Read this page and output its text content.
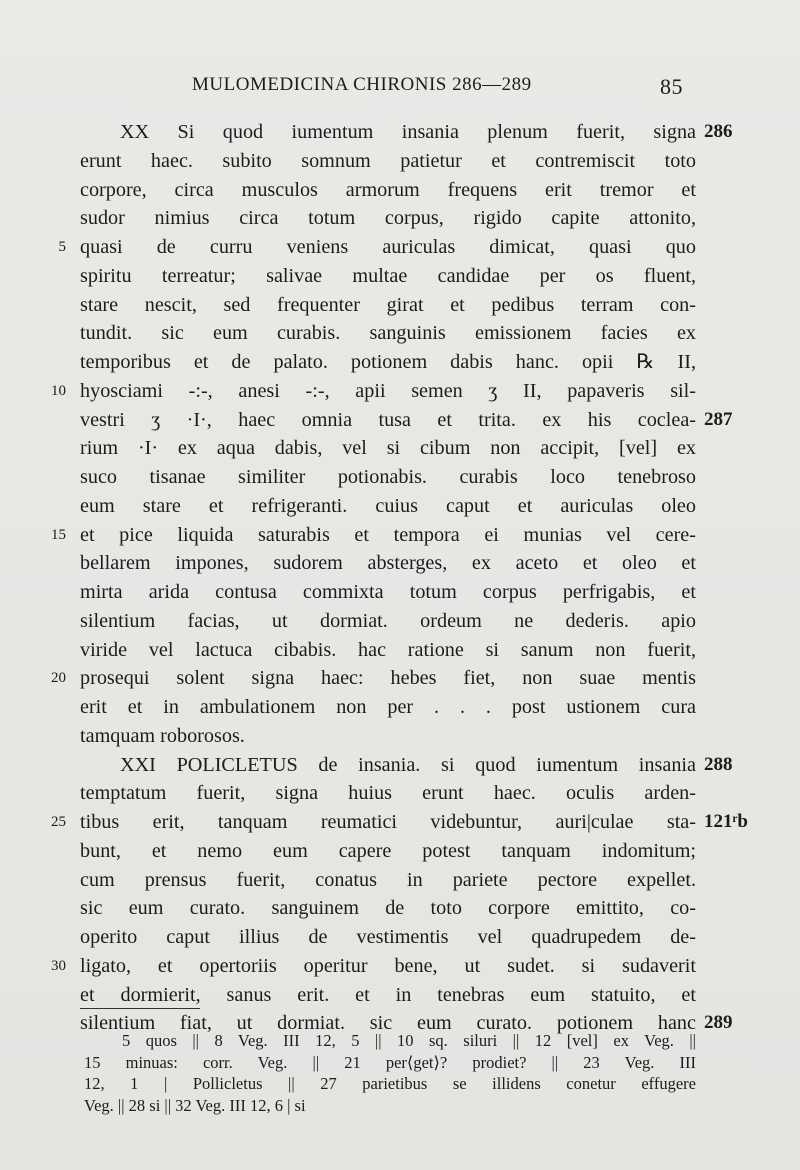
MULOMEDICINA CHIRONIS 286—289	85
XX Si quod iumentum insania plenum fuerit, signa 286
erunt haec. subito somnum patietur et contremiscit toto
corpore, circa musculos armorum frequens erit tremor et
sudor nimius circa totum corpus, rigido capite attonito,
5 quasi de curru veniens auriculas dimicat, quasi quo
spiritu terreatur; salivae multae candidae per os fluent,
stare nescit, sed frequenter girat et pedibus terram con-
tundit. sic eum curabis. sanguinis emissionem facies ex
temporibus et de palato. potionem dabis hanc. opii ℞ II,
10 hyosciami -:-, anesi -:-, apii semen ʒ II, papaveris sil-
vestri ʒ ·I·, haec omnia tusa et trita. ex his coclea- 287
rium ·I· ex aqua dabis, vel si cibum non accipit, [vel] ex
suco tisanae similiter potionabis. curabis loco tenebroso
eum stare et refrigeranti. cuius caput et auriculas oleo
15 et pice liquida saturabis et tempora ei munias vel cere-
bellarem impones, sudorem absterges, ex aceto et oleo et
mirta arida contusa commixta totum corpus perfrigabis, et
silentium facias, ut dormiat. ordeum ne dederis. apio
viride vel lactuca cibabis. hac ratione si sanum non fuerit,
20 prosequi solent signa haec: hebes fiet, non suae mentis
erit et in ambulationem non per . . . post ustionem cura
tamquam roborosos.
XXI POLICLETUS de insania. si quod iumentum insania 288
temptatum fuerit, signa huius erunt haec. oculis arden-
25 tibus erit, tanquam reumatici videbuntur, auri|culae sta- 121ʳb
bunt, et nemo eum capere potest tanquam indomitum;
cum prensus fuerit, conatus in pariete pectore expellet.
sic eum curato. sanguinem de toto corpore emittito, co-
operito caput illius de vestimentis vel quadrupedem de-
30 ligato, et opertoriis operitur bene, ut sudet. si sudaverit
et dormierit, sanus erit. et in tenebras eum statuito, et
silentium fiat, ut dormiat. sic eum curato. potionem hanc 289
5 quos || 8 Veg. III 12, 5 || 10 sq. siluri || 12 [vel] ex Veg. ||
15 minuas: corr. Veg. || 21 per⟨get⟩? prodiet? || 23 Veg. III
12, 1 | Pollicletus || 27 parietibus se illidens conetur effugere
Veg. || 28 si || 32 Veg. III 12, 6 | si
